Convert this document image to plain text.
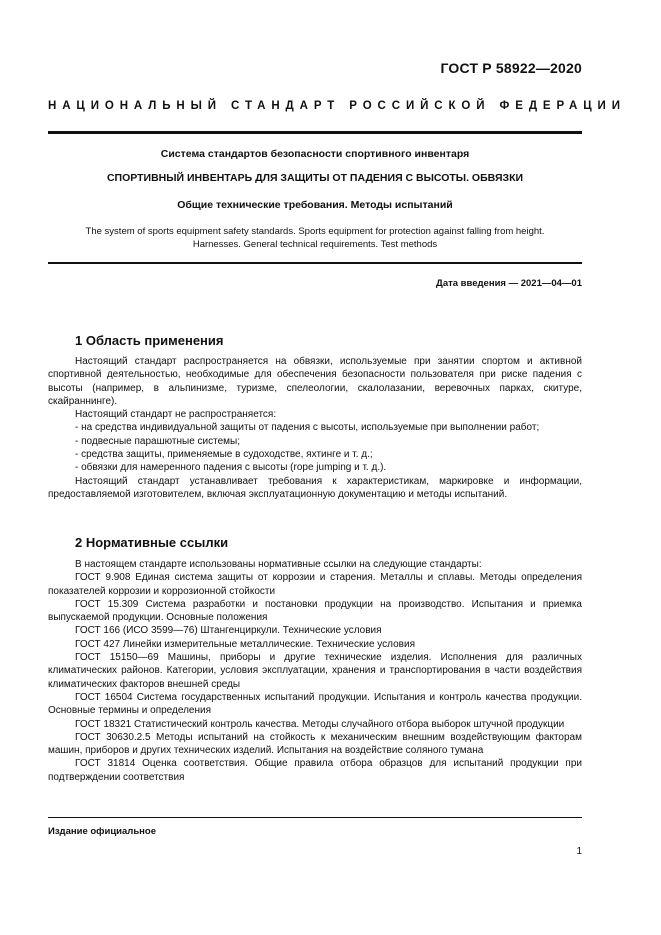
ГОСТ Р 58922—2020
НАЦИОНАЛЬНЫЙ СТАНДАРТ РОССИЙСКОЙ ФЕДЕРАЦИИ
Система стандартов безопасности спортивного инвентаря
СПОРТИВНЫЙ ИНВЕНТАРЬ ДЛЯ ЗАЩИТЫ ОТ ПАДЕНИЯ С ВЫСОТЫ. ОБВЯЗКИ
Общие технические требования. Методы испытаний
The system of sports equipment safety standards. Sports equipment for protection against falling from height.
Harnesses. General technical requirements. Test methods
Дата введения — 2021—04—01
1 Область применения

Настоящий стандарт распространяется на обвязки, используемые при занятии спортом и активной спортивной деятельностью, необходимые для обеспечения безопасности пользователя при риске падения с высоты (например, в альпинизме, туризме, спелеологии, скалолазании, веревочных парках, скитуре, скайраннинге).

Настоящий стандарт не распространяется:

- на средства индивидуальной защиты от падения с высоты, используемые при выполнении работ;

- подвесные парашютные системы;

- средства защиты, применяемые в судоходстве, яхтинге и т. д.;

- обвязки для намеренного падения с высоты (rope jumping и т. д.).

Настоящий стандарт устанавливает требования к характеристикам, маркировке и информации, предоставляемой изготовителем, включая эксплуатационную документацию и методы испытаний.

2 Нормативные ссылки

В настоящем стандарте использованы нормативные ссылки на следующие стандарты:

ГОСТ 9.908 Единая система защиты от коррозии и старения. Металлы и сплавы. Методы определения показателей коррозии и коррозионной стойкости

ГОСТ 15.309 Система разработки и постановки продукции на производство. Испытания и приемка выпускаемой продукции. Основные положения

ГОСТ 166 (ИСО 3599—76) Штангенциркули. Технические условия

ГОСТ 427 Линейки измерительные металлические. Технические условия

ГОСТ 15150—69 Машины, приборы и другие технические изделия. Исполнения для различных климатических районов. Категории, условия эксплуатации, хранения и транспортирования в части воздействия климатических факторов внешней среды

ГОСТ 16504 Система государственных испытаний продукции. Испытания и контроль качества продукции. Основные термины и определения

ГОСТ 18321 Статистический контроль качества. Методы случайного отбора выборок штучной продукции

ГОСТ 30630.2.5 Методы испытаний на стойкость к механическим внешним воздействующим факторам машин, приборов и других технических изделий. Испытания на воздействие соляного тумана

ГОСТ 31814 Оценка соответствия. Общие правила отбора образцов для испытаний продукции при подтверждении соответствия

Издание официальное
1
